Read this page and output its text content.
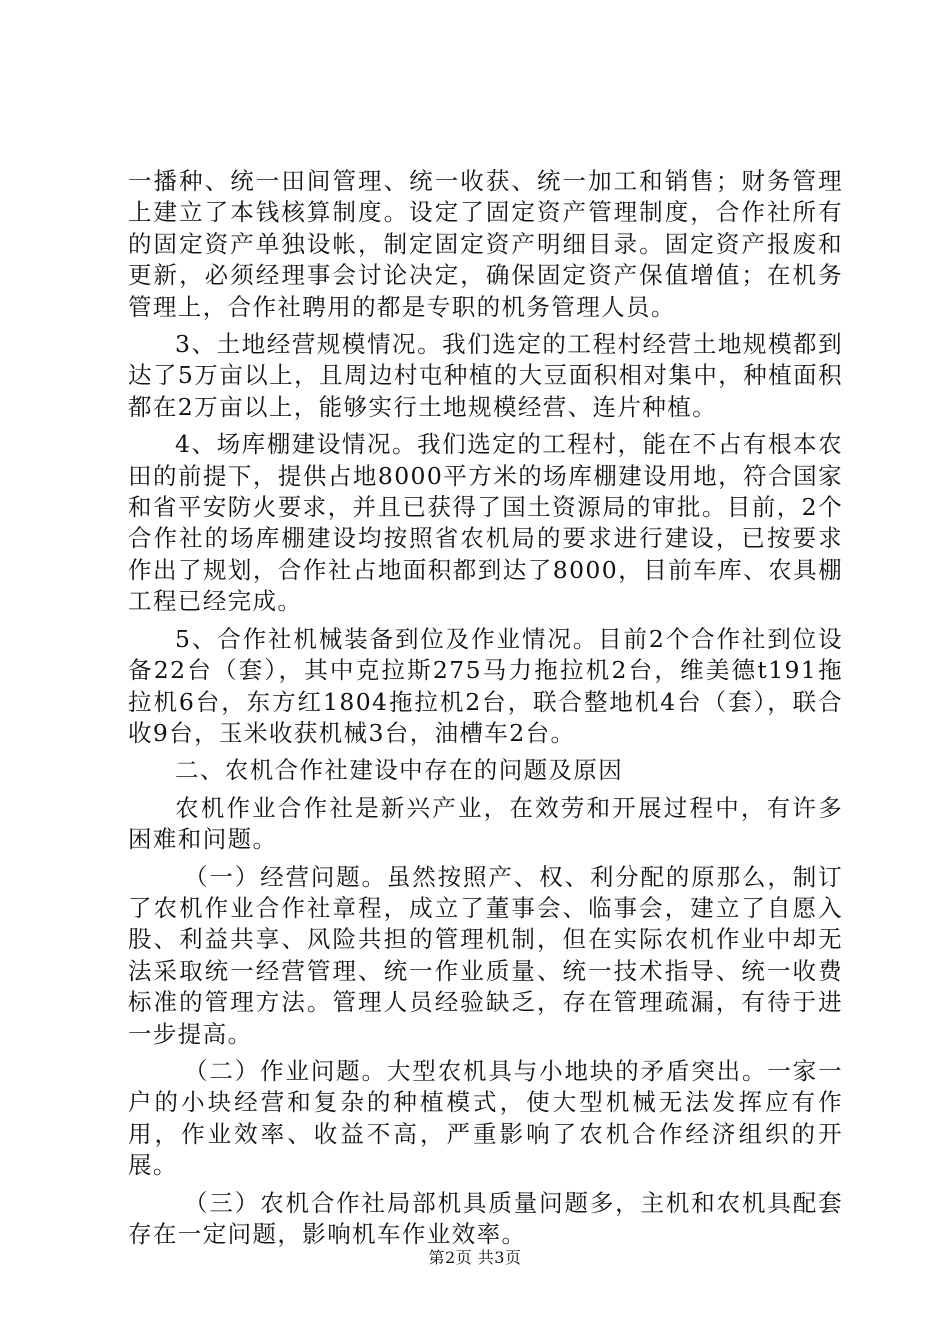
一播种、统一田间管理、统一收获、统一加工和销售；财务管理上建立了本钱核算制度。设定了固定资产管理制度，合作社所有的固定资产单独设帐，制定固定资产明细目录。固定资产报废和更新，必须经理事会讨论决定，确保固定资产保值增值；在机务管理上，合作社聘用的都是专职的机务管理人员。

3、土地经营规模情况。我们选定的工程村经营土地规模都到达了5万亩以上，且周边村屯种植的大豆面积相对集中，种植面积都在2万亩以上，能够实行土地规模经营、连片种植。

4、场库棚建设情况。我们选定的工程村，能在不占有根本农田的前提下，提供占地8000平方米的场库棚建设用地，符合国家和省平安防火要求，并且已获得了国土资源局的审批。目前，2个合作社的场库棚建设均按照省农机局的要求进行建设，已按要求作出了规划，合作社占地面积都到达了8000，目前车库、农具棚工程已经完成。

5、合作社机械装备到位及作业情况。目前2个合作社到位设备22台（套），其中克拉斯275马力拖拉机2台，维美德t191拖拉机6台，东方红1804拖拉机2台，联合整地机4台（套），联合收9台，玉米收获机械3台，油槽车2台。

二、农机合作社建设中存在的问题及原因

农机作业合作社是新兴产业，在效劳和开展过程中，有许多困难和问题。

（一）经营问题。虽然按照产、权、利分配的原那么，制订了农机作业合作社章程，成立了董事会、临事会，建立了自愿入股、利益共享、风险共担的管理机制，但在实际农机作业中却无法采取统一经营管理、统一作业质量、统一技术指导、统一收费标准的管理方法。管理人员经验缺乏，存在管理疏漏，有待于进一步提高。

（二）作业问题。大型农机具与小地块的矛盾突出。一家一户的小块经营和复杂的种植模式，使大型机械无法发挥应有作用，作业效率、收益不高，严重影响了农机合作经济组织的开展。

（三）农机合作社局部机具质量问题多，主机和农机具配套存在一定问题，影响机车作业效率。

第2页 共3页
